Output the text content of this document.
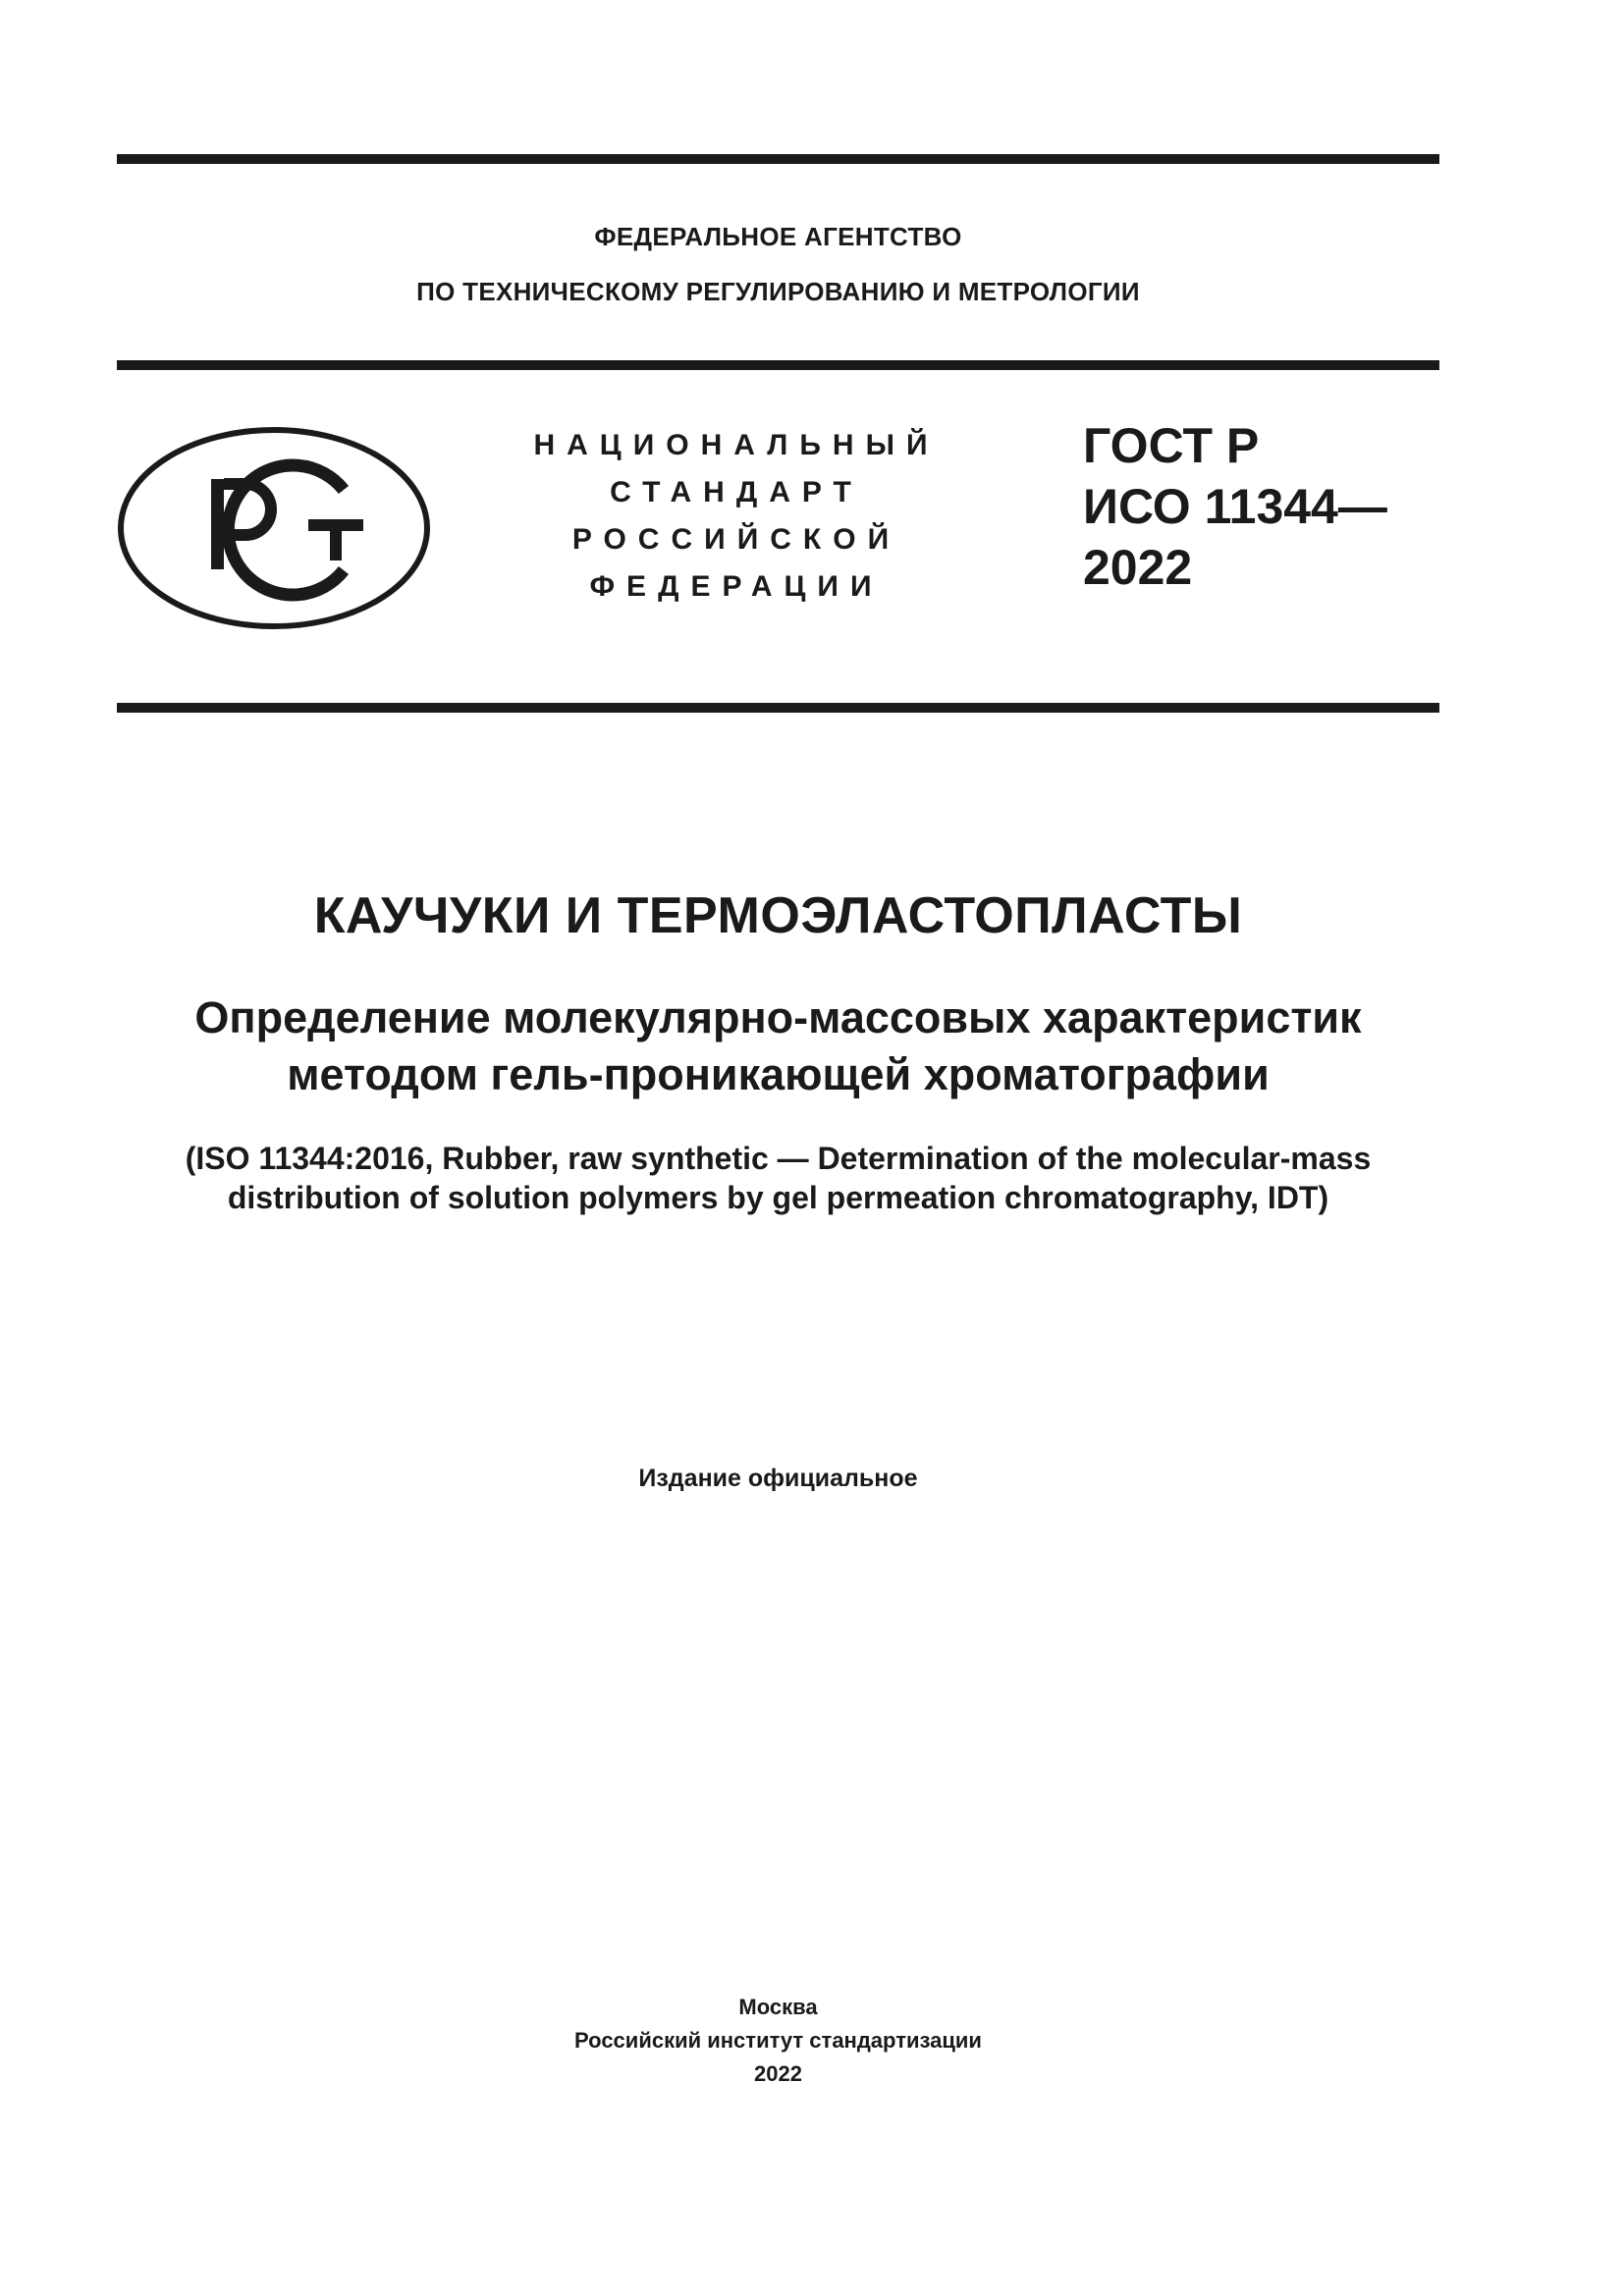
ФЕДЕРАЛЬНОЕ АГЕНТСТВО
ПО ТЕХНИЧЕСКОМУ РЕГУЛИРОВАНИЮ И МЕТРОЛОГИИ
НАЦИОНАЛЬНЫЙ
СТАНДАРТ
РОССИЙСКОЙ
ФЕДЕРАЦИИ
ГОСТ Р
ИСО 11344—
2022
КАУЧУКИ И ТЕРМОЭЛАСТОПЛАСТЫ
Определение молекулярно-массовых характеристик
методом гель-проникающей хроматографии
(ISO 11344:2016, Rubber, raw synthetic — Determination of the molecular-mass
distribution of solution polymers by gel permeation chromatography, IDT)
Издание официальное
Москва
Российский институт стандартизации
2022
